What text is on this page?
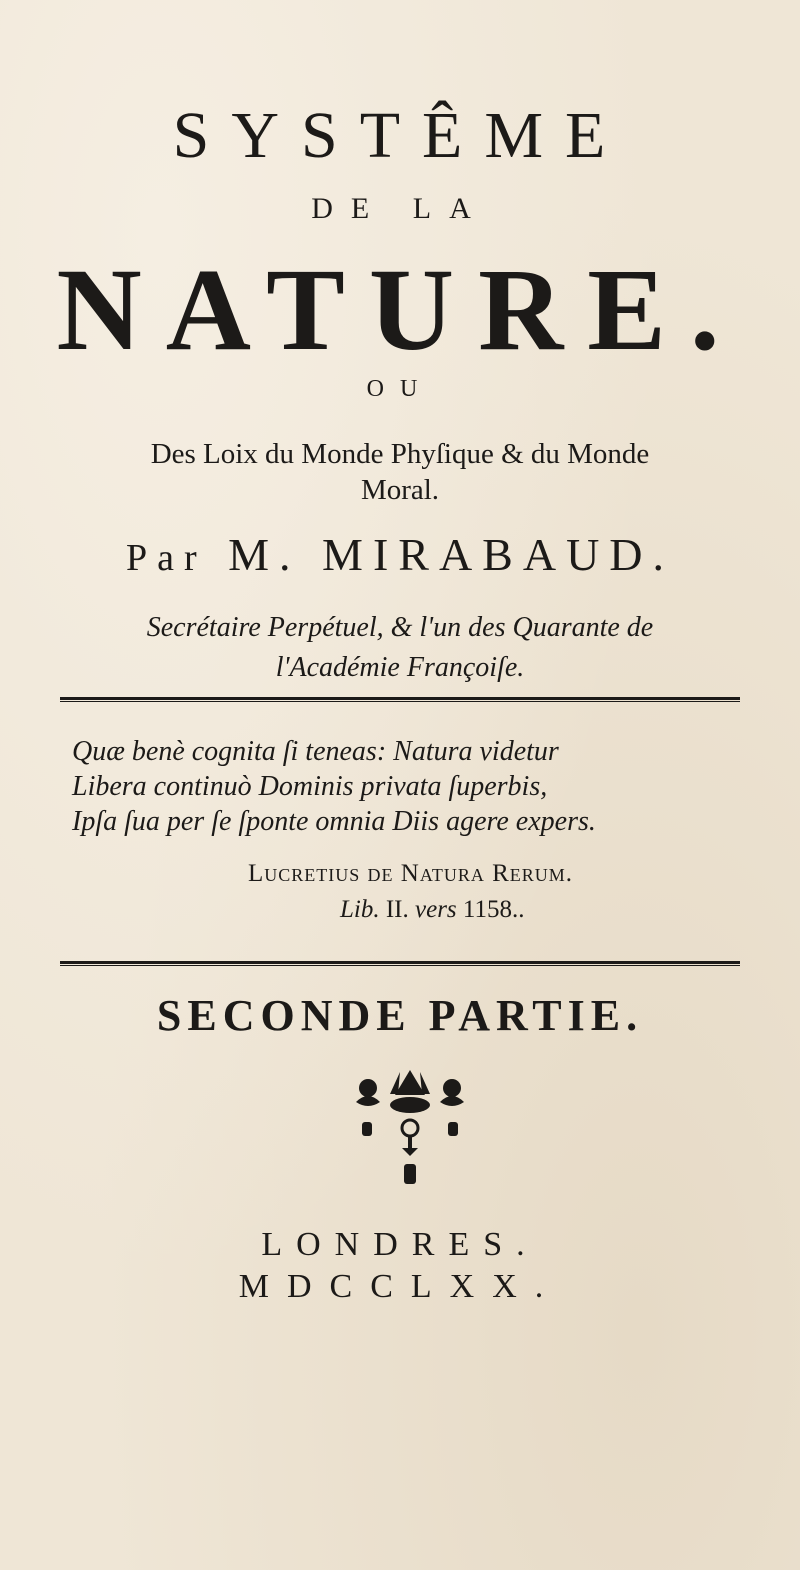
SYSTÊME
DE LA
NATURE.
OU
Des Loix du Monde Phyſique & du Monde Moral.
Par M. MIRABAUD.
Secrétaire Perpétuel, & l'un des Quarante de l'Académie Françoiſe.
Quæ benè cognita ſi teneas: Natura videtur
Libera continuò Dominis privata ſuperbis,
Ipſa ſua per ſe ſponte omnia Diis agere expers.
Lucretius de Natura Rerum.
Lib. II. vers 1158..
SECONDE PARTIE.
LONDRES.
MDCCLXX.
